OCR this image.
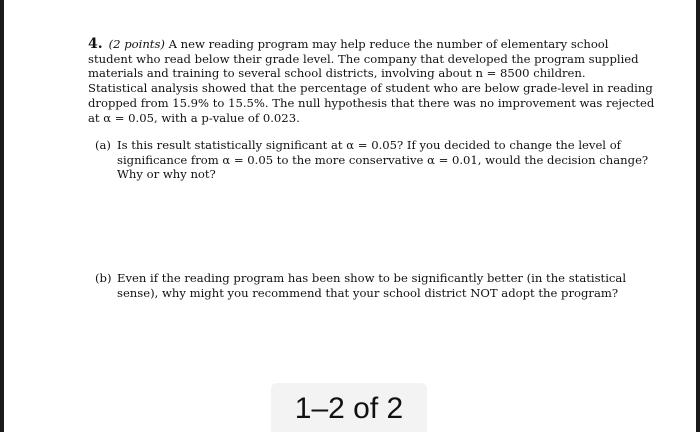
4. (2 points) A new reading program may help reduce the number of elementary school
student who read below their grade level. The company that developed the program supplied
materials and training to several school districts, involving about n = 8500 children.
Statistical analysis showed that the percentage of student who are below grade-level in reading
dropped from 15.9% to 15.5%. The null hypothesis that there was no improvement was rejected
at α = 0.05, with a p-value of 0.023.
(a) Is this result statistically significant at α = 0.05? If you decided to change the level of
significance from α = 0.05 to the more conservative α = 0.01, would the decision change?
Why or why not?
(b) Even if the reading program has been show to be significantly better (in the statistical
sense), why might you recommend that your school district NOT adopt the program?
1–2 of 2
